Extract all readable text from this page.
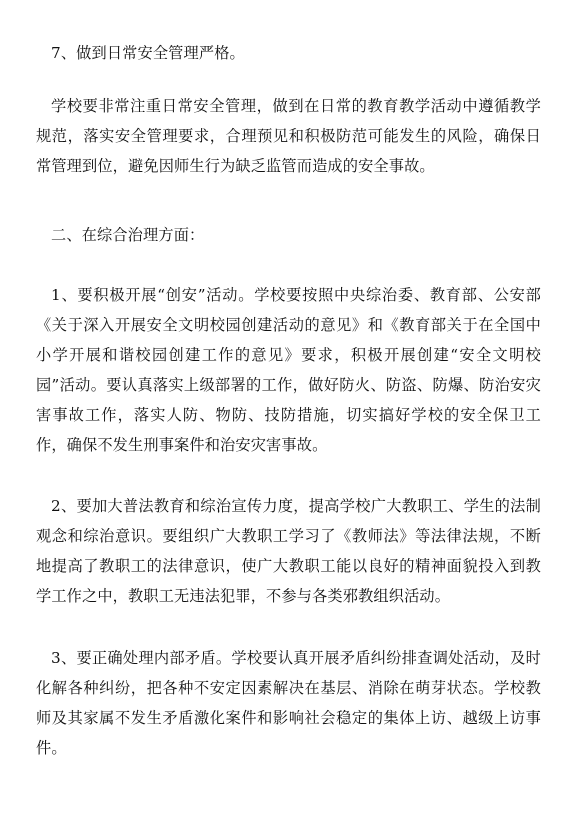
7、做到日常安全管理严格。

学校要非常注重日常安全管理，做到在日常的教育教学活动中遵循教学规范，落实安全管理要求，合理预见和积极防范可能发生的风险，确保日常管理到位，避免因师生行为缺乏监管而造成的安全事故。

二、在综合治理方面：

1、要积极开展“创安”活动。学校要按照中央综治委、教育部、公安部《关于深入开展安全文明校园创建活动的意见》和《教育部关于在全国中小学开展和谐校园创建工作的意见》要求，积极开展创建“安全文明校园”活动。要认真落实上级部署的工作，做好防火、防盗、防爆、防治安灾害事故工作，落实人防、物防、技防措施，切实搞好学校的安全保卫工作，确保不发生刑事案件和治安灾害事故。

2、要加大普法教育和综治宣传力度，提高学校广大教职工、学生的法制观念和综治意识。要组织广大教职工学习了《教师法》等法律法规，不断地提高了教职工的法律意识，使广大教职工能以良好的精神面貌投入到教学工作之中，教职工无违法犯罪，不参与各类邪教组织活动。

3、要正确处理内部矛盾。学校要认真开展矛盾纠纷排查调处活动，及时化解各种纠纷，把各种不安定因素解决在基层、消除在萌芽状态。学校教师及其家属不发生矛盾激化案件和影响社会稳定的集体上访、越级上访事件。
